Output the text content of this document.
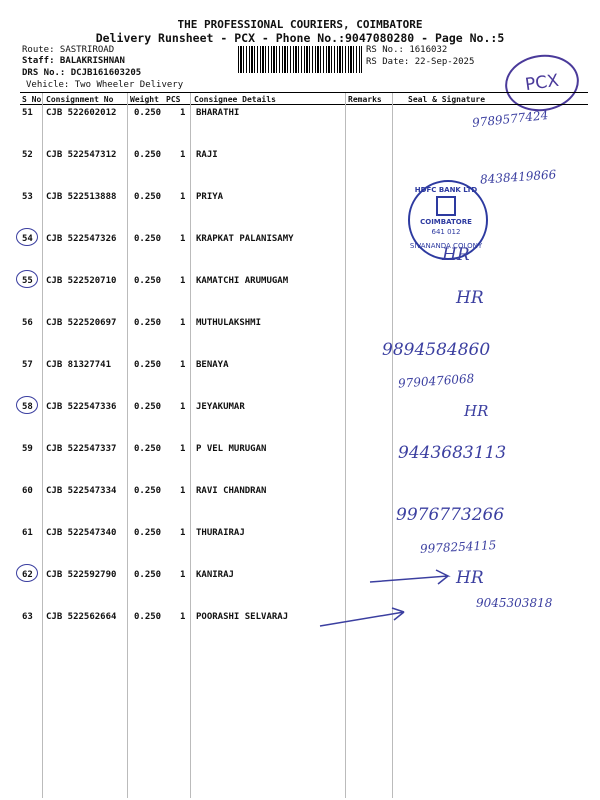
THE PROFESSIONAL COURIERS, COIMBATORE
Delivery Runsheet - PCX - Phone No.:9047080280 - Page No.:5
Route: SASTRIROAD
Staff: BALAKRISHNAN
DRS No.: DCJB161603205
Vehicle: Two Wheeler Delivery
RS No.: 1616032
RS Date: 22-Sep-2025
PCX
S No Consignment No Weight PCS Consignee Details	Remarks	Seal & Signature
51 CJB 522602012 0.250 1 BHARATHI
52 CJB 522547312 0.250 1 RAJI
53 CJB 522513888 0.250 1 PRIYA
54 CJB 522547326 0.250 1 KRAPKAT PALANISAMY
55 CJB 522520710 0.250 1 KAMATCHI ARUMUGAM
56 CJB 522520697 0.250 1 MUTHULAKSHMI
57 CJB 81327741	0.250 1 BENAYA
58 CJB 522547336 0.250 1 JEYAKUMAR
59 CJB 522547337 0.250 1 P VEL MURUGAN
60 CJB 522547334 0.250 1 RAVI CHANDRAN
61 CJB 522547340 0.250 1 THURAIRAJ
62 CJB 522592790 0.250 1 KANIRAJ
63 CJB 522562664 0.250 1 POORASHI SELVARAJ
HDFC BANK LTD
COIMBATORE
641 012
SIVANANDA COLONY
9789577424
8438419866
HR
HR
9894584860
9790476068
HR
9443683113
9976773266
9978254115
HR
9045303818
